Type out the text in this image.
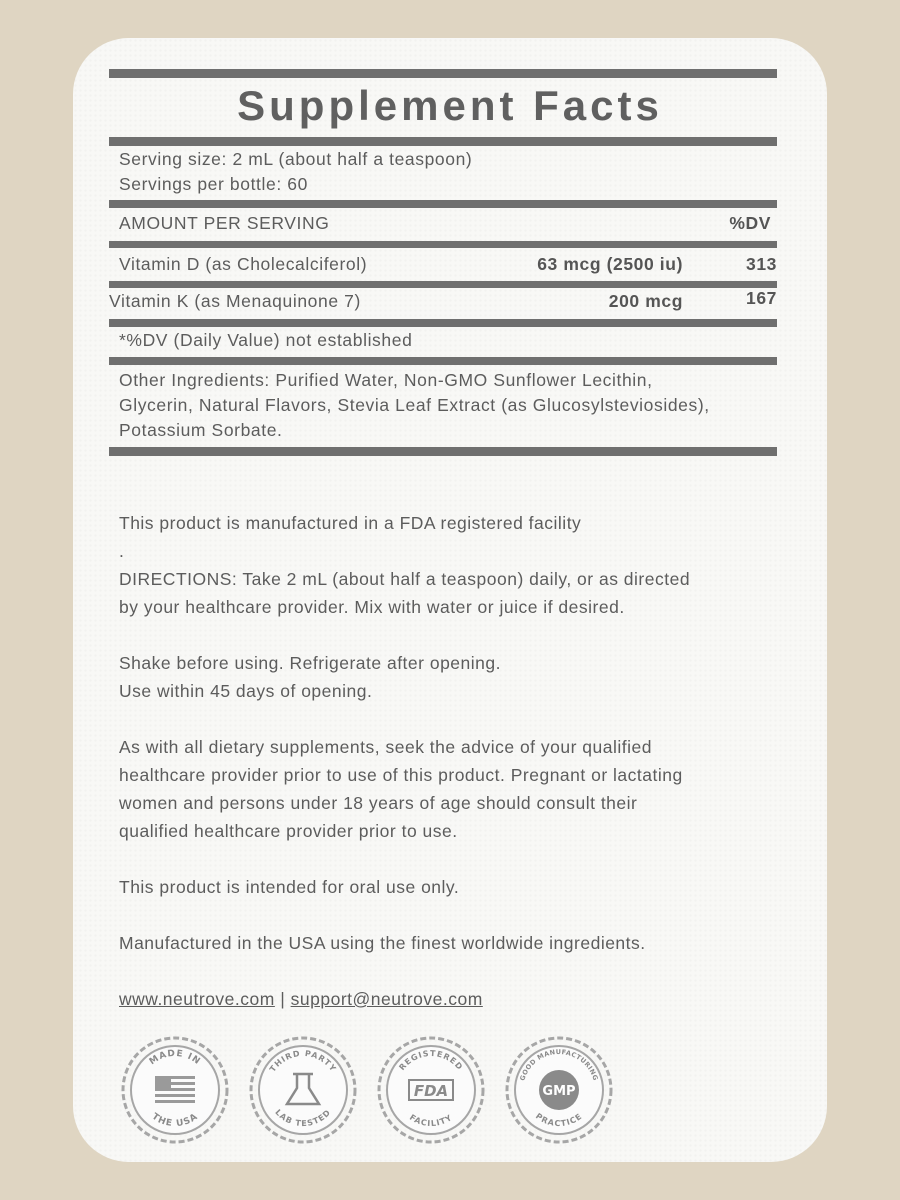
Supplement Facts
Serving size: 2 mL (about half a teaspoon)
Servings per bottle: 60
AMOUNT PER SERVING	%DV
Vitamin D (as Cholecalciferol)	63 mcg (2500 iu)	313
Vitamin K (as Menaquinone 7)	200 mcg	167
*%DV (Daily Value) not established
Other Ingredients: Purified Water, Non-GMO Sunflower Lecithin,
Glycerin, Natural Flavors, Stevia Leaf Extract (as Glucosylsteviosides),
Potassium Sorbate.

This product is manufactured in a FDA registered facility

.

DIRECTIONS: Take 2 mL (about half a teaspoon) daily, or as directed

by your healthcare provider. Mix with water or juice if desired.

Shake before using. Refrigerate after opening.

Use within 45 days of opening.

As with all dietary supplements, seek the advice of your qualified

healthcare provider prior to use of this product. Pregnant or lactating

women and persons under 18 years of age should consult their

qualified healthcare provider prior to use.

This product is intended for oral use only.

Manufactured in the USA using the finest worldwide ingredients.

www.neutrove.com | support@neutrove.com

MADE IN
THE USA
THIRD PARTY
LAB TESTED
REGISTERED
FACILITY
FDA
GOOD MANUFACTURING
PRACTICE
GMP
